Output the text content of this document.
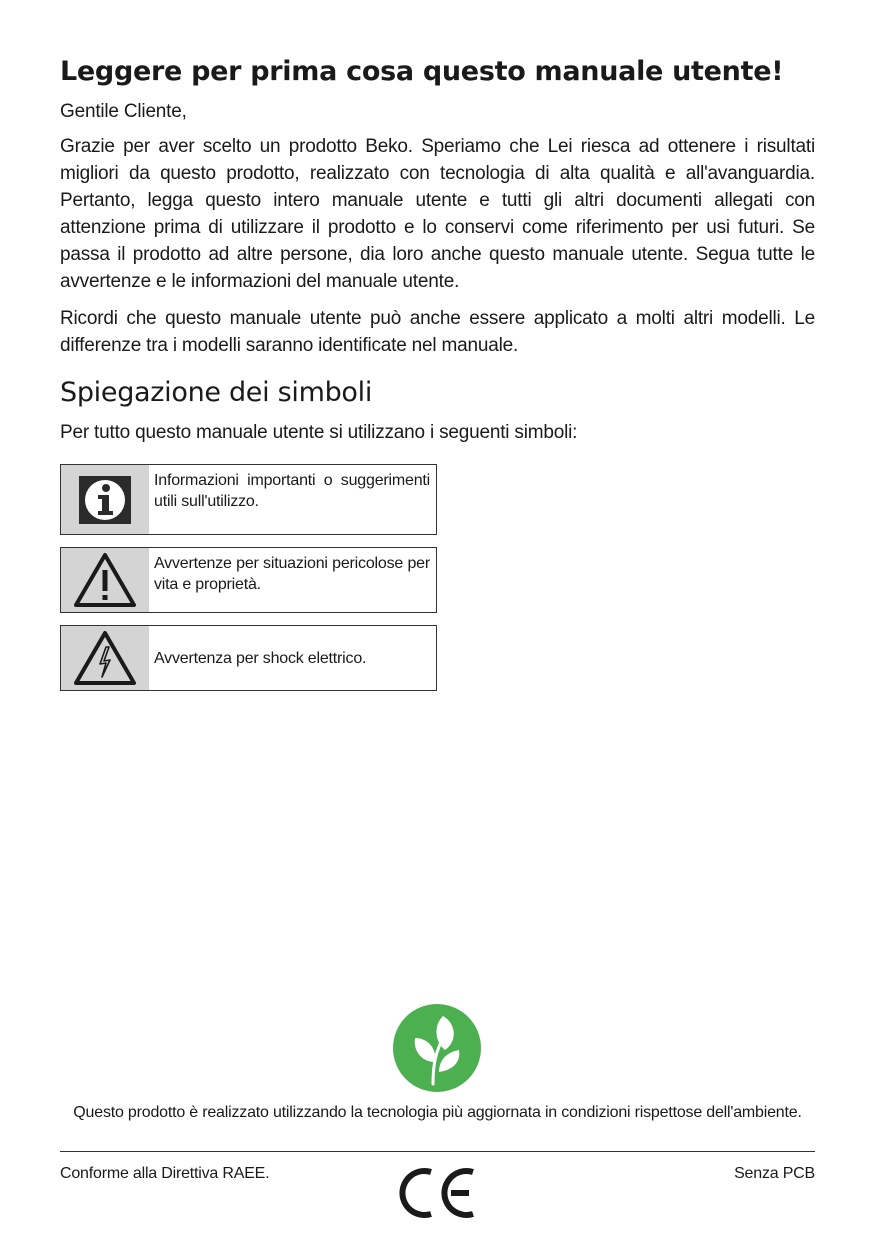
Leggere per prima cosa questo manuale utente!

Gentile Cliente,

Grazie per aver scelto un prodotto Beko. Speriamo che Lei riesca ad ottenere i risultati migliori da questo prodotto, realizzato con tecnologia di alta qualità e all'avanguardia. Pertanto, legga questo intero manuale utente e tutti gli altri documenti allegati con attenzione prima di utilizzare il prodotto e lo conservi come riferimento per usi futuri. Se passa il prodotto ad altre persone, dia loro anche questo manuale utente. Segua tutte le avvertenze e le informazioni del manuale utente.

Ricordi che questo manuale utente può anche essere applicato a molti altri modelli. Le differenze tra i modelli saranno identificate nel manuale.

Spiegazione dei simboli

Per tutto questo manuale utente si utilizzano i seguenti simboli:

Informazioni importanti o suggerimenti utili sull'utilizzo.
Avvertenze per situazioni pericolose per vita e proprietà.
Avvertenza per shock elettrico.
Questo prodotto è realizzato utilizzando la tecnologia più aggiornata in condizioni rispettose dell'ambiente.
Conforme alla Direttiva RAEE.	Senza PCB
